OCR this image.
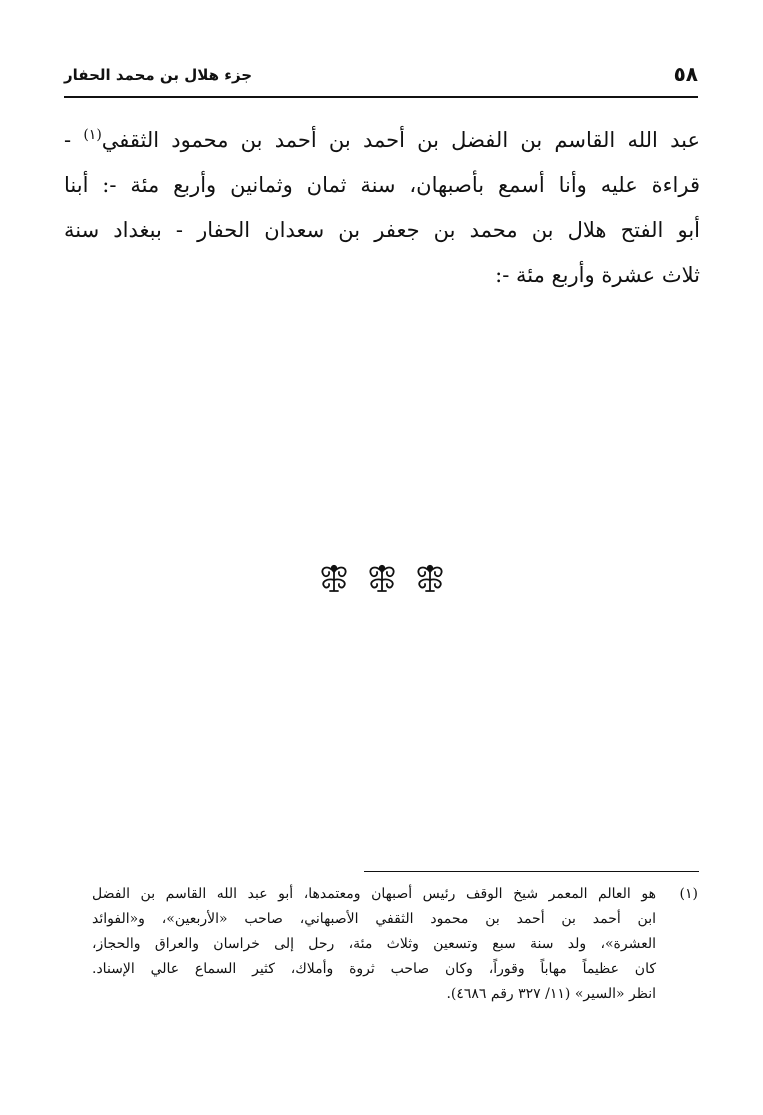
جزء هلال بن محمد الحفار	٥٨
عبد الله القاسم بن الفضل بن أحمد بن أحمد بن محمود الثقفي$^{(١)}$ -
قراءة عليه وأنا أسمع بأصبهان، سنة ثمان وثمانين وأربع مئة -: أبنا
أبو الفتح هلال بن محمد بن جعفر بن سعدان الحفار - ببغداد سنة
ثلاث عشرة وأربع مئة -:
(١)
هو العالم المعمر شيخ الوقف رئيس أصبهان ومعتمدها، أبو عبد الله القاسم بن الفضل
ابن أحمد بن أحمد بن محمود الثقفي الأصبهاني، صاحب «الأربعين»، و«الفوائد
العشرة»، ولد سنة سبع وتسعين وثلاث مئة، رحل إلى خراسان والعراق والحجاز،
كان عظيماً مهاباً وقوراً، وكان صاحب ثروة وأملاك، كثير السماع عالي الإسناد.
انظر «السير» (١١/ ٣٢٧ رقم ٤٦٨٦).
